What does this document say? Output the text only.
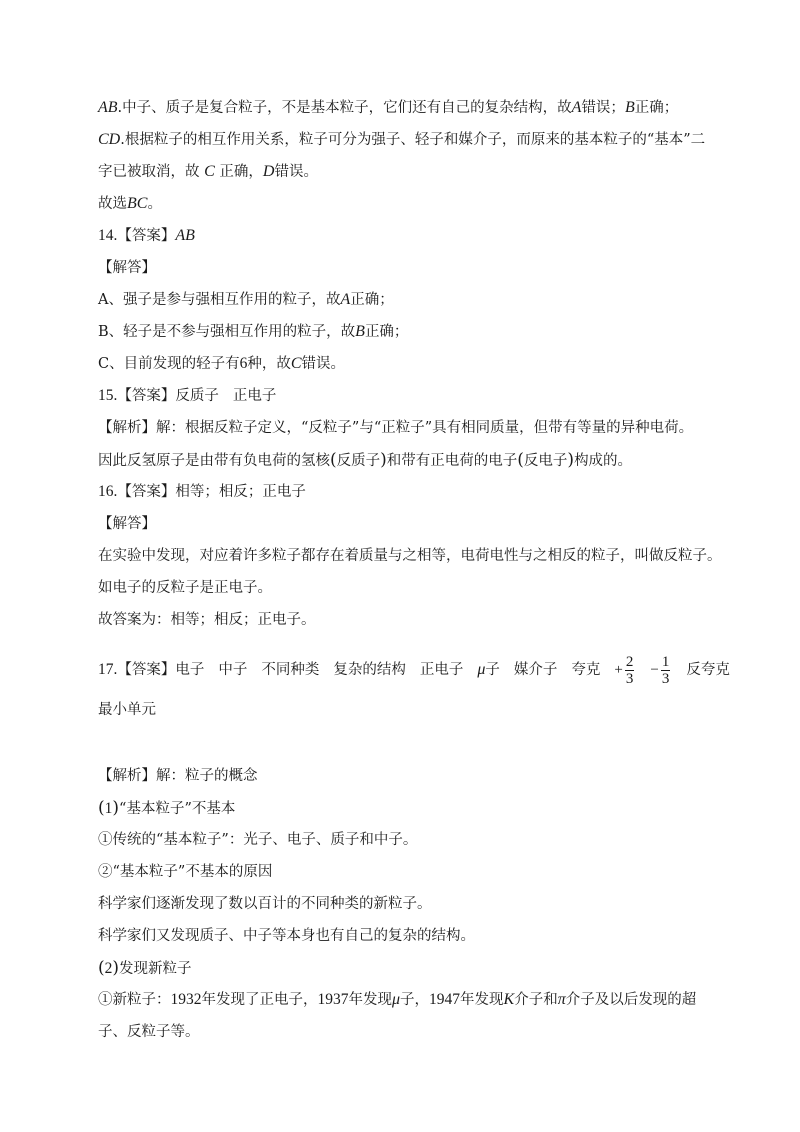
AB.中子、质子是复合粒子，不是基本粒子，它们还有自己的复杂结构，故A错误；B正确；
CD.根据粒子的相互作用关系，粒子可分为强子、轻子和媒介子，而原来的基本粒子的“基本”二
字已被取消，故 C 正确，D错误。
故选BC。
14.【答案】AB
【解答】
A、强子是参与强相互作用的粒子，故A正确；
B、轻子是不参与强相互作用的粒子，故B正确；
C、目前发现的轻子有6种，故C错误。
15.【答案】反质子 正电子
【解析】解：根据反粒子定义，“反粒子”与“正粒子”具有相同质量，但带有等量的异种电荷。
因此反氢原子是由带有负电荷的氢核(反质子)和带有正电荷的电子(反电子)构成的。
16.【答案】相等；相反；正电子
【解答】
在实验中发现，对应着许多粒子都存在着质量与之相等，电荷电性与之相反的粒子，叫做反粒子。
如电子的反粒子是正电子。
故答案为：相等；相反；正电子。
17.【答案】电子 中子 不同种类 复杂的结构 正电子 μ子 媒介子 夸克 + $\frac{2}{3} - \frac{1}{3}$ 反夸克
最小单元
【解析】解：粒子的概念
(1)“基本粒子”不基本
①传统的“基本粒子”：光子、电子、质子和中子。
②“基本粒子”不基本的原因
科学家们逐渐发现了数以百计的不同种类的新粒子。
科学家们又发现质子、中子等本身也有自己的复杂的结构。
(2)发现新粒子
①新粒子：1932年发现了正电子，1937年发现μ子，1947年发现K介子和π介子及以后发现的超
子、反粒子等。
